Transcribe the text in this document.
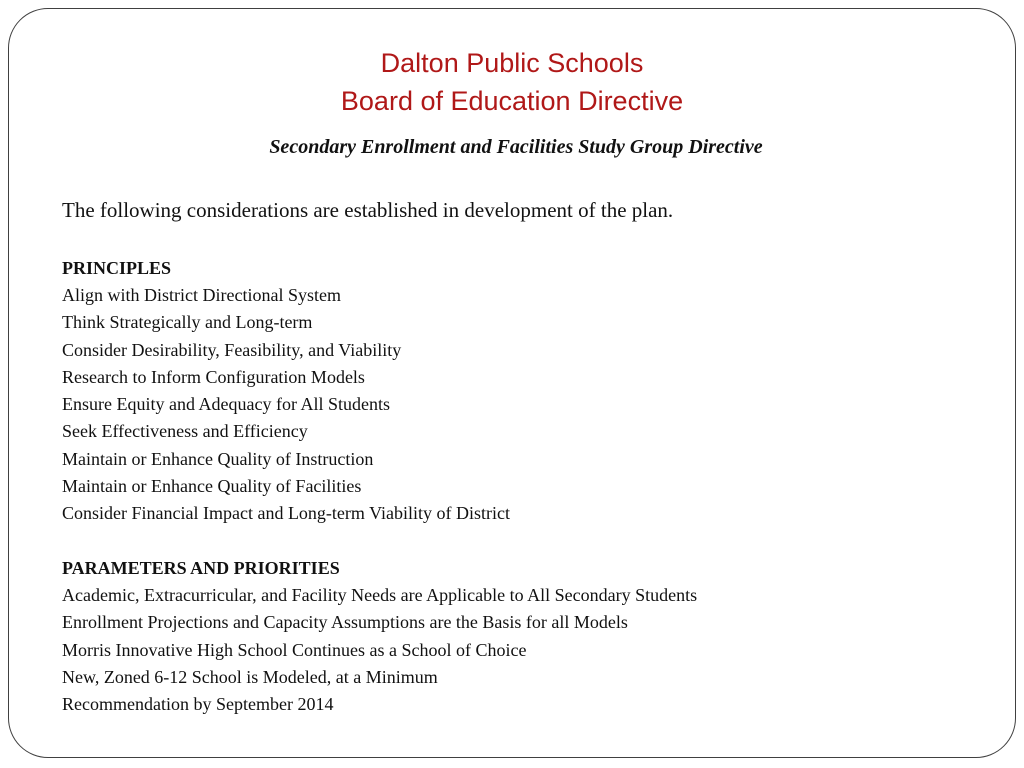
Dalton Public Schools
Board of Education Directive
Secondary Enrollment and Facilities Study Group Directive
The following considerations are established in development of the plan.
PRINCIPLES
Align with District Directional System
Think Strategically and Long-term
Consider Desirability, Feasibility, and Viability
Research to Inform Configuration Models
Ensure Equity and Adequacy for All Students
Seek Effectiveness and Efficiency
Maintain or Enhance Quality of Instruction
Maintain or Enhance Quality of Facilities
Consider Financial Impact and Long-term Viability of District
PARAMETERS AND PRIORITIES
Academic, Extracurricular, and Facility Needs are Applicable to All Secondary Students
Enrollment Projections and Capacity Assumptions are the Basis for all Models
Morris Innovative High School Continues as a School of Choice
New, Zoned 6-12 School is Modeled, at a Minimum
Recommendation by September 2014
